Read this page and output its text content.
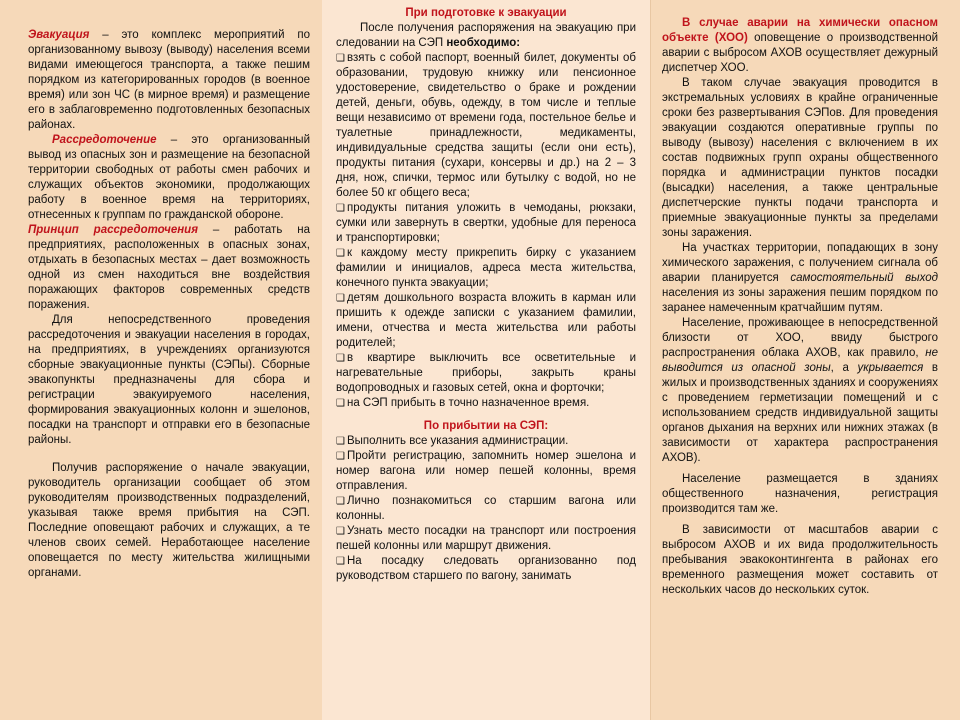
Эвакуация – это комплекс мероприятий по организованному вывозу (выводу) населения всеми видами имеющегося транспорта, а также пешим порядком из категорированных городов (в военное время) или зон ЧС (в мирное время) и размещение его в заблаговременно подготовленных безопасных районах.

Рассредоточение – это организованный вывод из опасных зон и размещение на безопасной территории свободных от работы смен рабочих и служащих объектов экономики, продолжающих работу в военное время на территориях, отнесенных к группам по гражданской обороне.

Принцип рассредоточения – работать на предприятиях, расположенных в опасных зонах, отдыхать в безопасных местах – дает возможность одной из смен находиться вне воздействия поражающих факторов современных средств поражения.

Для непосредственного проведения рассредоточения и эвакуации населения в городах, на предприятиях, в учреждениях организуются сборные эвакуационные пункты (СЭПы). Сборные эвакопункты предназначены для сбора и регистрации эвакуируемого населения, формирования эвакуационных колонн и эшелонов, посадки на транспорт и отправки его в безопасные районы.

Получив распоряжение о начале эвакуации, руководитель организации сообщает об этом руководителям производственных подразделений, указывая также время прибытия на СЭП. Последние оповещают рабочих и служащих, а те членов своих семей. Неработающее население оповещается по месту жительства жилищными органами.

При подготовке к эвакуации

После получения распоряжения на эвакуацию при следовании на СЭП необходимо:

❑ взять с собой паспорт, военный билет, документы об образовании, трудовую книжку или пенсионное удостоверение, свидетельство о браке и рождении детей, деньги, обувь, одежду, в том числе и теплые вещи независимо от времени года, постельное белье и туалетные принадлежности, медикаменты, индивидуальные средства защиты (если они есть), продукты питания (сухари, консервы и др.) на 2 – 3 дня, нож, спички, термос или бутылку с водой, но не более 50 кг общего веса;
❑ продукты питания уложить в чемоданы, рюкзаки, сумки или завернуть в свертки, удобные для переноса и транспортировки;
❑ к каждому месту прикрепить бирку с указанием фамилии и инициалов, адреса места жительства, конечного пункта эвакуации;
❑ детям дошкольного возраста вложить в карман или пришить к одежде записки с указанием фамилии, имени, отчества и места жительства или работы родителей;
❑ в квартире выключить все осветительные и нагревательные приборы, закрыть краны водопроводных и газовых сетей, окна и форточки;
❑ на СЭП прибыть в точно назначенное время.

По прибытии на СЭП:

❑ Выполнить все указания администрации.
❑ Пройти регистрацию, запомнить номер эшелона и номер вагона или номер пешей колонны, время отправления.
❑ Лично познакомиться со старшим вагона или колонны.
❑ Узнать место посадки на транспорт или построения пешей колонны или маршрут движения.
❑ На посадку следовать организованно под руководством старшего по вагону, занимать

В случае аварии на химически опасном объекте (ХОО) оповещение о производственной аварии с выбросом АХОВ осуществляет дежурный диспетчер ХОО.

В таком случае эвакуация проводится в экстремальных условиях в крайне ограниченные сроки без развертывания СЭПов. Для проведения эвакуации создаются оперативные группы по выводу (вывозу) населения с включением в их состав подвижных групп охраны общественного порядка и администрации пунктов посадки (высадки) населения, а также центральные диспетчерские пункты подачи транспорта и приемные эвакуационные пункты за пределами зоны заражения.

На участках территории, попадающих в зону химического заражения, с получением сигнала об аварии планируется самостоятельный выход населения из зоны заражения пешим порядком по заранее намеченным кратчайшим путям.

Население, проживающее в непосредственной близости от ХОО, ввиду быстрого распространения облака АХОВ, как правило, не выводится из опасной зоны, а укрывается в жилых и производственных зданиях и сооружениях с проведением герметизации помещений и с использованием средств индивидуальной защиты органов дыхания на верхних или нижних этажах (в зависимости от характера распространения АХОВ).

Население размещается в зданиях общественного назначения, регистрация производится там же.

В зависимости от масштабов аварии с выбросом АХОВ и их вида продолжительность пребывания эвакоконтингента в районах его временного размещения может составить от нескольких часов до нескольких суток.
